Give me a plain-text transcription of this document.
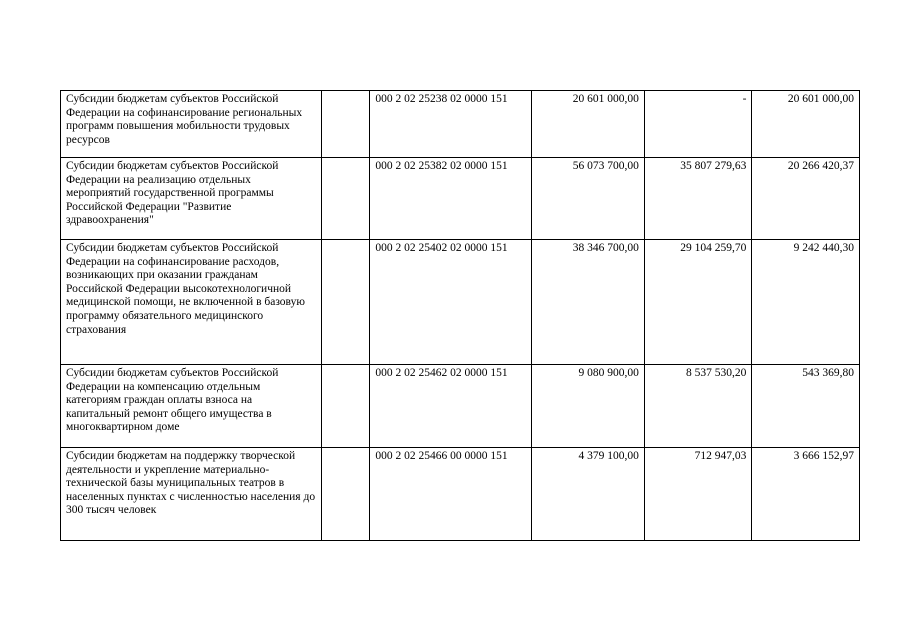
Субсидии бюджетам субъектов Российской Федерации на софинансирование региональных программ повышения мобильности трудовых ресурсов		000 2 02 25238 02 0000 151	20 601 000,00	-	20 601 000,00
Субсидии бюджетам субъектов Российской Федерации на реализацию отдельных мероприятий государственной программы Российской Федерации "Развитие здравоохранения"		000 2 02 25382 02 0000 151	56 073 700,00	35 807 279,63	20 266 420,37
Субсидии бюджетам субъектов Российской Федерации на софинансирование расходов, возникающих при оказании гражданам Российской Федерации высокотехнологичной медицинской помощи, не включенной в базовую программу обязательного медицинского страхования		000 2 02 25402 02 0000 151	38 346 700,00	29 104 259,70	9 242 440,30
Субсидии бюджетам субъектов Российской Федерации на компенсацию отдельным категориям граждан оплаты взноса на капитальный ремонт общего имущества в многоквартирном доме		000 2 02 25462 02 0000 151	9 080 900,00	8 537 530,20	543 369,80
Субсидии бюджетам на поддержку творческой деятельности и укрепление материально-технической базы муниципальных театров в населенных пунктах с численностью населения до 300 тысяч человек		000 2 02 25466 00 0000 151	4 379 100,00	712 947,03	3 666 152,97
